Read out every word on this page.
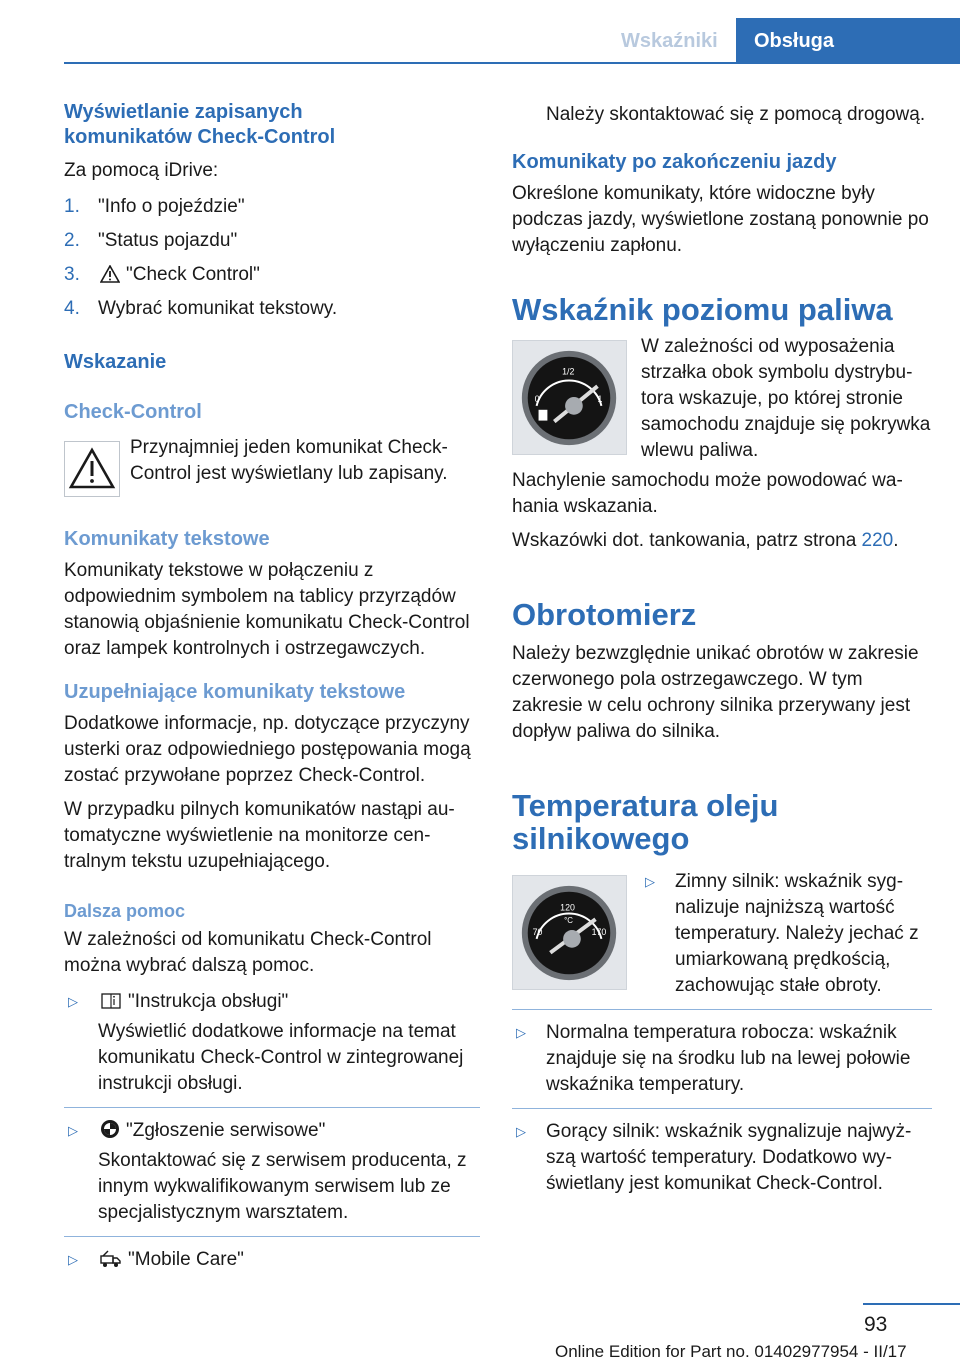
Wskaźniki	Obsługa
Wyświetlanie zapisanych komunikatów Check-Control

Za pomocą iDrive:

1. "Info o pojeździe"
2. "Status pojazdu"
3. "Check Control"
4. Wybrać komunikat tekstowy.
Wskazanie
Check-Control

Przynajmniej jeden komunikat Check-Control jest wyświetlany lub zapisany.

Komunikaty tekstowe

Komunikaty tekstowe w połączeniu z odpowiednim symbolem na tablicy przyrządów stanowią objaśnienie komunikatu Check-Control oraz lampek kontrolnych i ostrzegawczych.

Uzupełniające komunikaty tekstowe

Dodatkowe informacje, np. dotyczące przyczyny usterki oraz odpowiedniego postępowania mogą zostać przywołane poprzez Check-Control.

W przypadku pilnych komunikatów nastąpi automatyczne wyświetlenie na monitorze centralnym tekstu uzupełniającego.

Dalsza pomoc

W zależności od komunikatu Check-Control można wybrać dalszą pomoc.

▷	"Instrukcja obsługi"

Wyświetlić dodatkowe informacje na temat komunikatu Check-Control w zintegrowanej instrukcji obsługi.

▷	"Zgłoszenie serwisowe"

Skontaktować się z serwisem producenta, z innym wykwalifikowanym serwisem lub ze specjalistycznym warsztatem.

▷	"Mobile Care"

Należy skontaktować się z pomocą drogową.

Komunikaty po zakończeniu jazdy

Określone komunikaty, które widoczne były podczas jazdy, wyświetlone zostaną ponownie po wyłączeniu zapłonu.

Wskaźnik poziomu paliwa
0
1/2
1

W zależności od wyposażenia strzałka obok symbolu dystrybutora wskazuje, po której stronie samochodu znajduje się pokrywka wlewu paliwa.

Nachylenie samochodu może powodować wahania wskazania.

Wskazówki dot. tankowania, patrz strona 220.

Obrotomierz

Należy bezwzględnie unikać obrotów w zakresie czerwonego pola ostrzegawczego. W tym zakresie w celu ochrony silnika przerywany jest dopływ paliwa do silnika.

Temperatura oleju silnikowego
70
120
°C
170
▷ Zimny silnik: wskaźnik sygnalizuje najniższą wartość temperatury. Należy jechać z umiarkowaną prędkością, zachowując stałe obroty.
▷ Normalna temperatura robocza: wskaźnik znajduje się na środku lub na lewej połowie wskaźnika temperatury.
▷ Gorący silnik: wskaźnik sygnalizuje najwyższą wartość temperatury. Dodatkowo wyświetlany jest komunikat Check-Control.
93
Online Edition for Part no. 01402977954 - II/17
